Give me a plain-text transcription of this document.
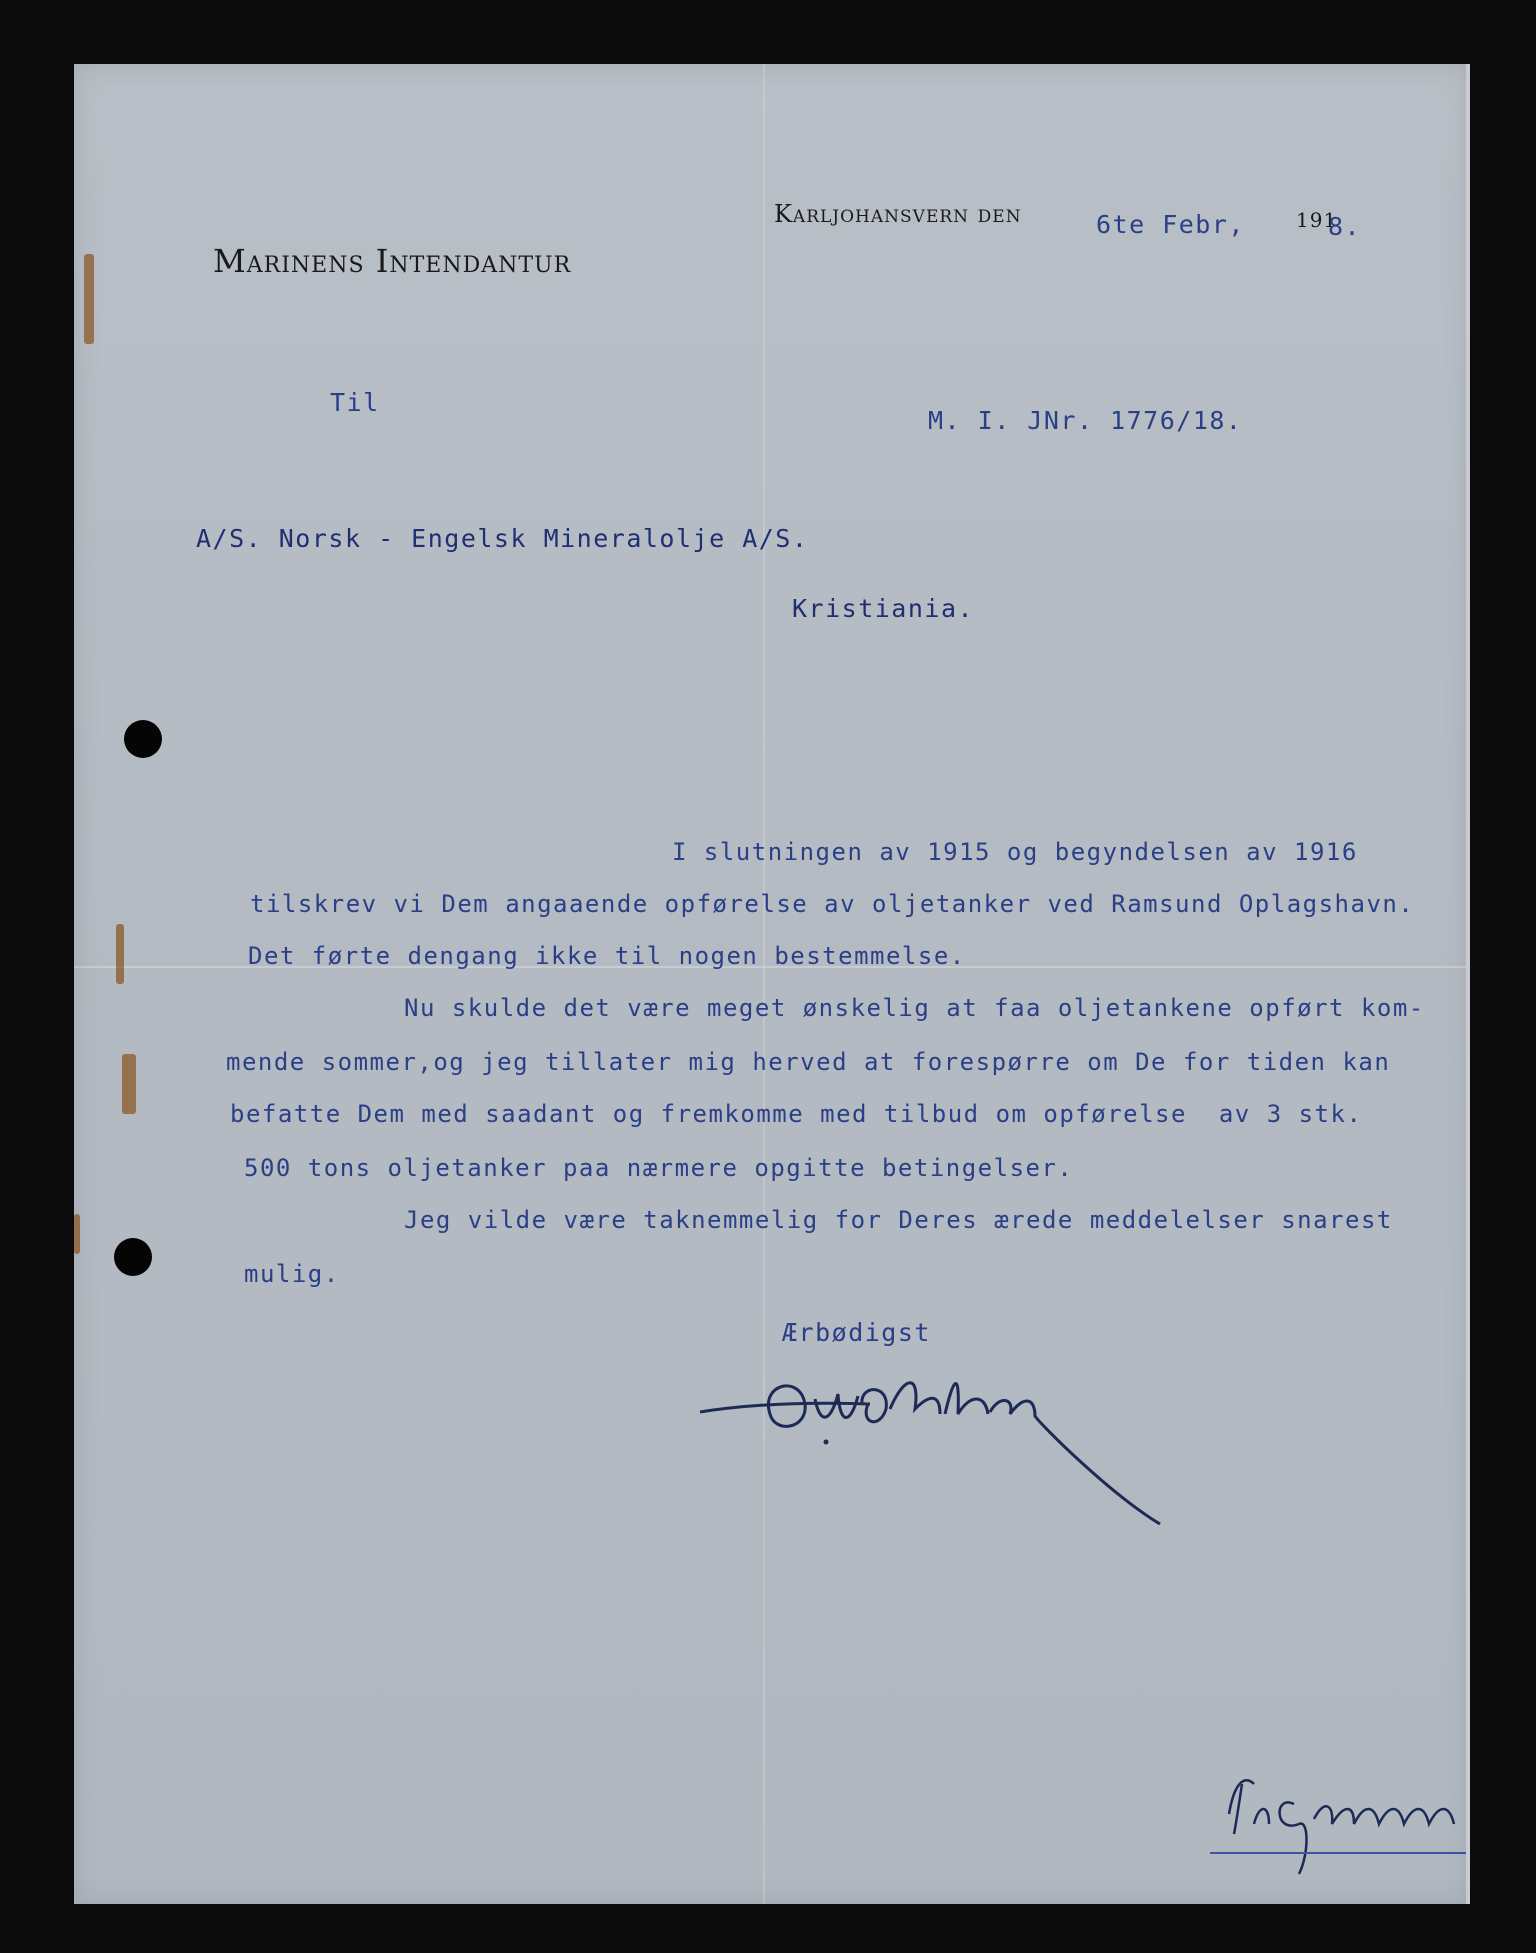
Marinens Intendantur
Karljohansvern den	6te Febr,	191
8.
Til
M. I. JNr. 1776/18.
A/S. Norsk - Engelsk Mineralolje A/S.
Kristiania.
I slutningen av 1915 og begyndelsen av 1916
tilskrev vi Dem angaaende opførelse av oljetanker ved Ramsund Oplagshavn.
Det førte dengang ikke til nogen bestemmelse.
Nu skulde det være meget ønskelig at faa oljetankene opført kom-
mende sommer,og jeg tillater mig herved at forespørre om De for tiden kan
befatte Dem med saadant og fremkomme med tilbud om opførelse  av 3 stk.
500 tons oljetanker paa nærmere opgitte betingelser.
Jeg vilde være taknemmelig for Deres ærede meddelelser snarest
mulig.
Ærbødigst
